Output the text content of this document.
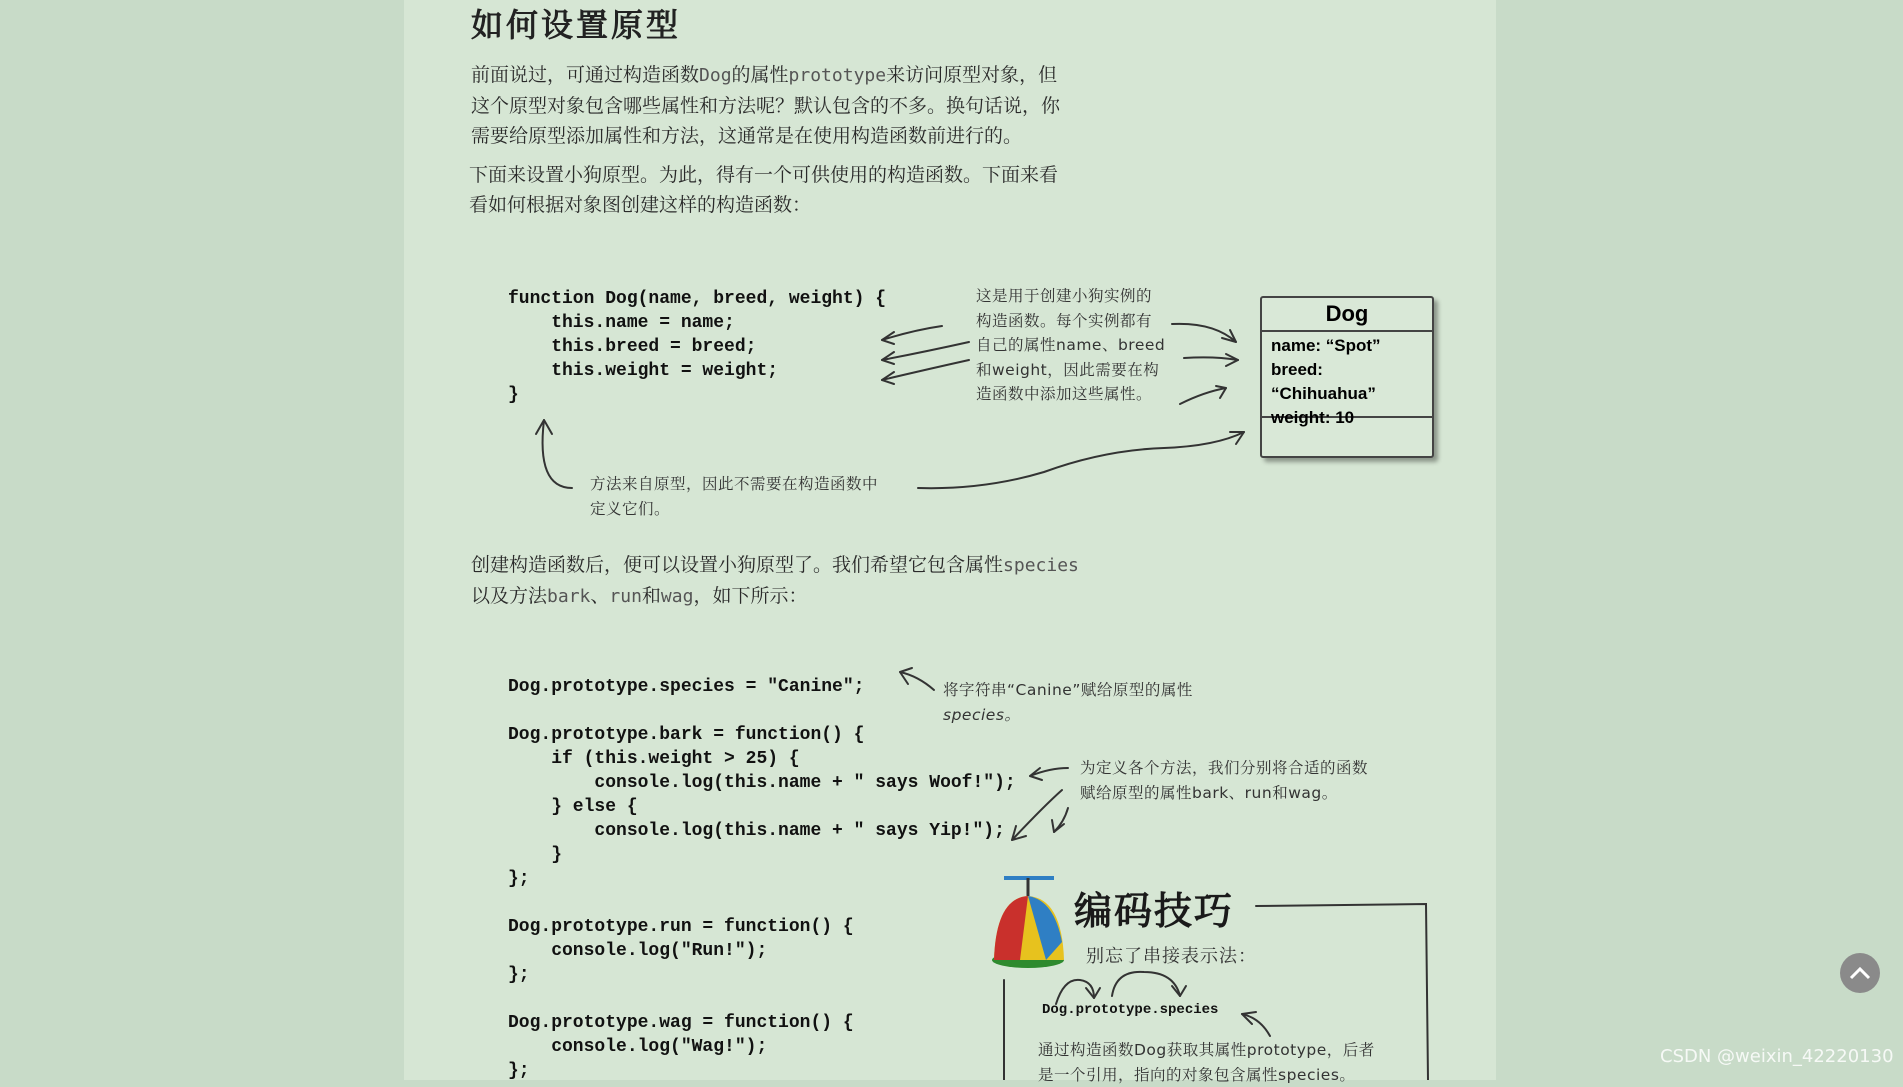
如何设置原型
前面说过，可通过构造函数Dog的属性prototype来访问原型对象，但
这个原型对象包含哪些属性和方法呢？默认包含的不多。换句话说，你
需要给原型添加属性和方法，这通常是在使用构造函数前进行的。
下面来设置小狗原型。为此，得有一个可供使用的构造函数。下面来看
看如何根据对象图创建这样的构造函数：
function Dog(name, breed, weight) {
this.name = name;
this.breed = breed;
this.weight = weight;
}
这是用于创建小狗实例的
构造函数。每个实例都有
自己的属性name、breed
和weight，因此需要在构
造函数中添加这些属性。
Dog
name: “Spot”
breed: “Chihuahua”
weight: 10
方法来自原型，因此不需要在构造函数中
定义它们。
创建构造函数后，便可以设置小狗原型了。我们希望它包含属性species
以及方法bark、run和wag，如下所示：
Dog.prototype.species = "Canine";
Dog.prototype.bark = function() {
if (this.weight > 25) {
console.log(this.name + " says Woof!");
} else {
console.log(this.name + " says Yip!");
}
};
Dog.prototype.run = function() {
console.log("Run!");
};
Dog.prototype.wag = function() {
console.log("Wag!");
};
将字符串“Canine”赋给原型的属性
species。
为定义各个方法，我们分别将合适的函数
赋给原型的属性bark、run和wag。
编码技巧
别忘了串接表示法：
Dog.prototype.species
通过构造函数Dog获取其属性prototype，后者
是一个引用，指向的对象包含属性species。
CSDN @weixin_42220130
